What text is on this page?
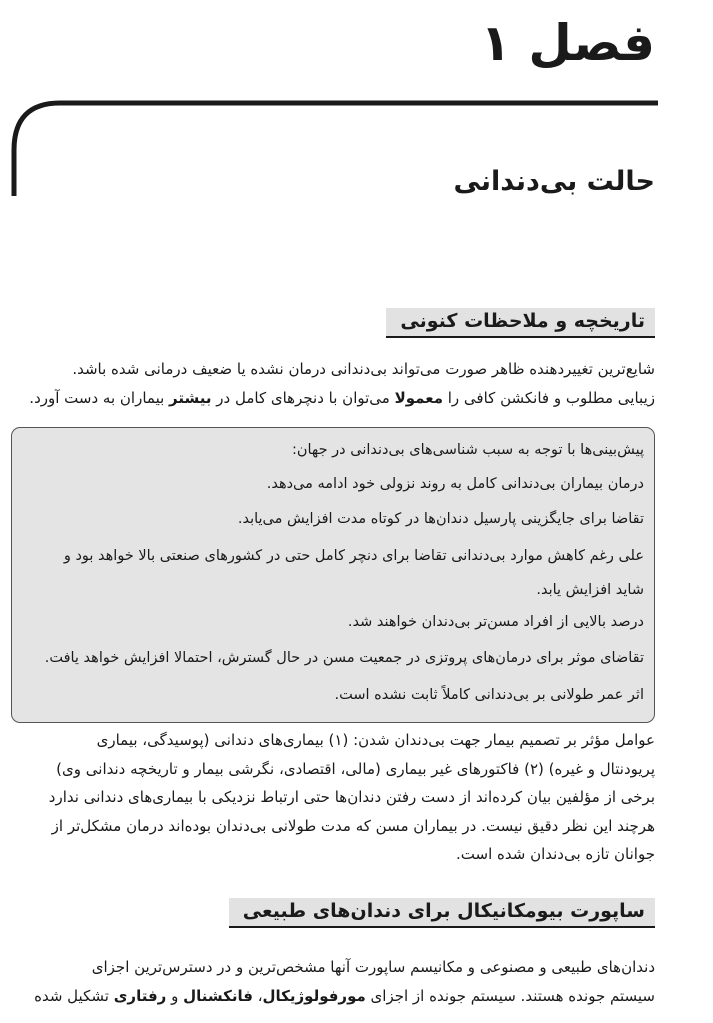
فصل ۱
حالت بی‌دندانی
تاریخچه و ملاحظات کنونی
شایع‌ترین تغییردهنده ظاهر صورت می‌تواند بی‌دندانی درمان نشده یا ضعیف درمانی شده باشد.
زیبایی مطلوب و فانکشن کافی را معمولا می‌توان با دنچرهای کامل در بیشتر بیماران به دست آورد.
پیش‌بینی‌ها با توجه به سبب شناسی‌های بی‌دندانی در جهان:
درمان بیماران بی‌دندانی کامل به روند نزولی خود ادامه می‌دهد.
تقاضا برای جایگزینی پارسیل دندان‌ها در کوتاه مدت افزایش می‌یابد.
علی رغم کاهش موارد بی‌دندانی تقاضا برای دنچر کامل حتی در کشورهای صنعتی بالا خواهد بود و
شاید افزایش یابد.
درصد بالایی از افراد مسن‌تر بی‌دندان خواهند شد.
تقاضای موثر برای درمان‌های پروتزی در جمعیت مسن در حال گسترش، احتمالا افزایش خواهد یافت.
اثر عمر طولانی بر بی‌دندانی کاملاً ثابت نشده است.
عوامل مؤثر بر تصمیم بیمار جهت بی‌دندان شدن: (۱) بیماری‌های دندانی (پوسیدگی، بیماری
پریودنتال و غیره) (۲) فاکتورهای غیر بیماری (مالی، اقتصادی، نگرشی بیمار و تاریخچه دندانی وی)
برخی از مؤلفین بیان کرده‌اند از دست رفتن دندان‌ها حتی ارتباط نزدیکی با بیماری‌های دندانی ندارد
هرچند این نظر دقیق نیست. در بیماران مسن که مدت طولانی بی‌دندان بوده‌اند درمان مشکل‌تر از
جوانان تازه بی‌دندان شده است.
ساپورت بیومکانیکال برای دندان‌های طبیعی
دندان‌های طبیعی و مصنوعی و مکانیسم ساپورت آنها مشخص‌ترین و در دسترس‌ترین اجزای
سیستم جونده هستند. سیستم جونده از اجزای مورفولوژیکال، فانکشنال و رفتاری تشکیل شده
